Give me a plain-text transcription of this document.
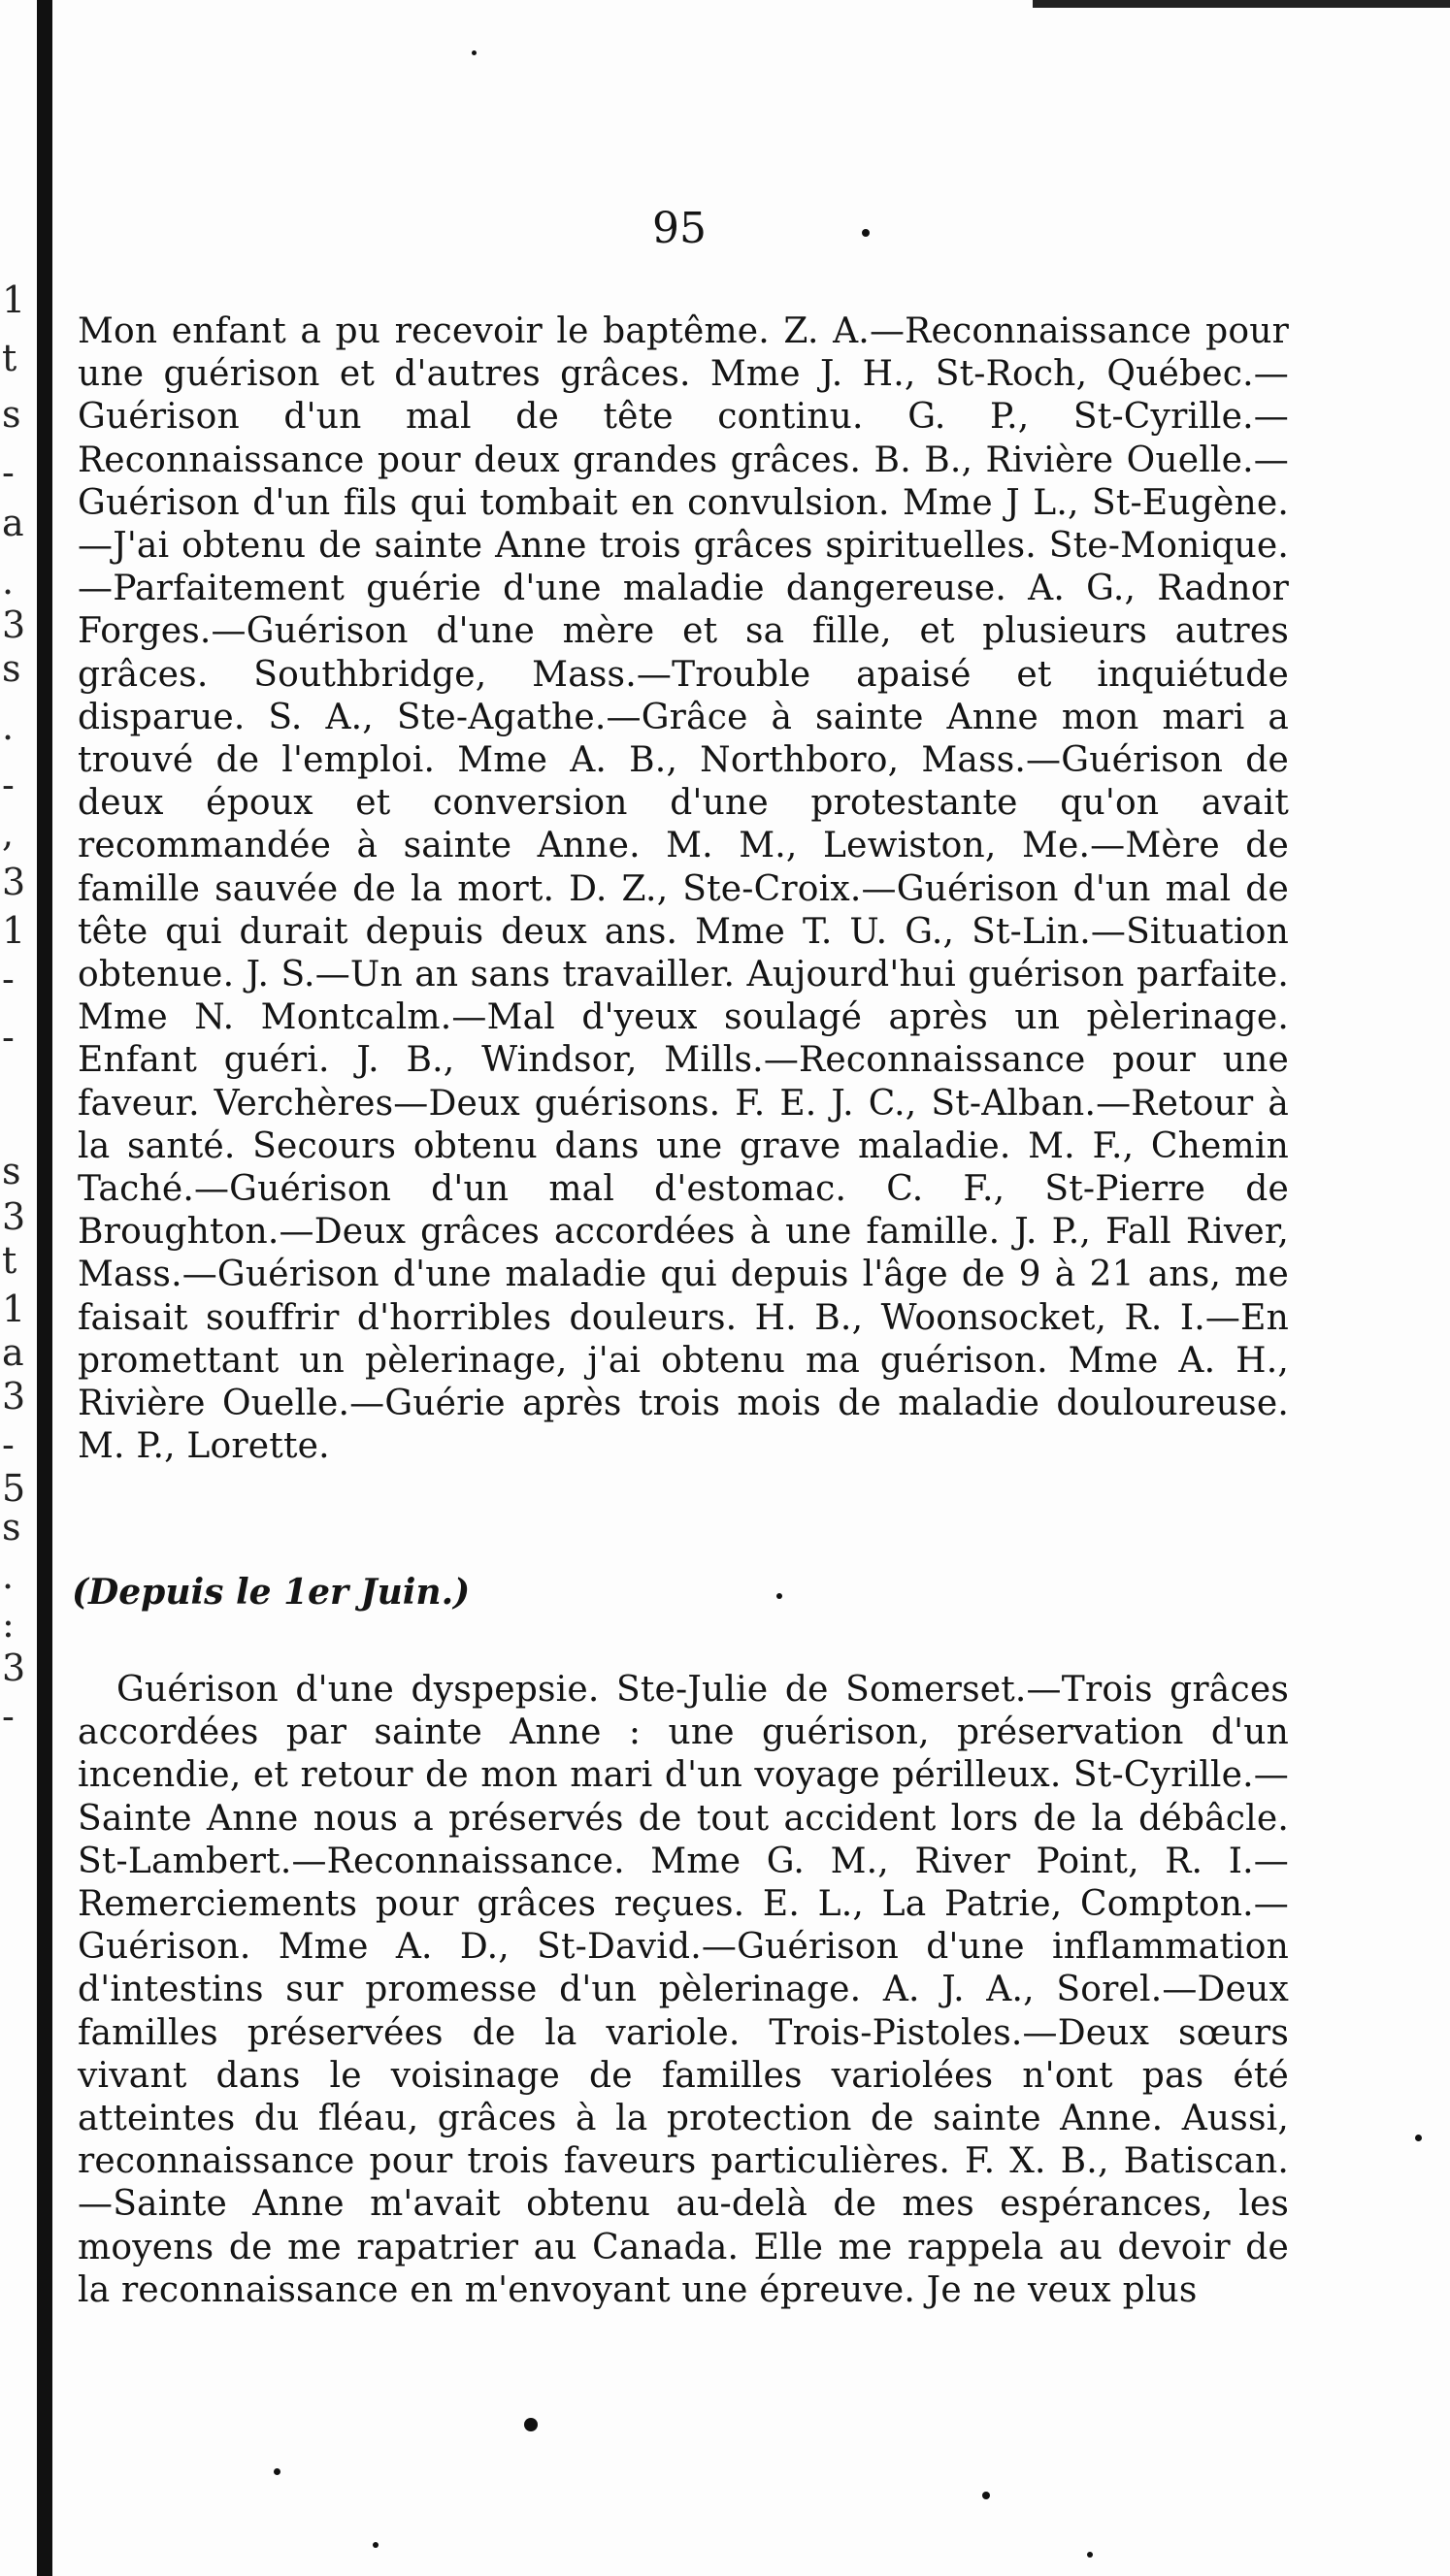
1
t
s
-
a
.
3
s
.
-
,
3
1
-
-
s
3
t
1
a
3
-
5
s
.
:
3
-
95

Mon enfant a pu recevoir le baptême. Z. A.—Reconnaissance pour une guérison et d'autres grâces. Mme J. H., St-Roch, Québec.—Guérison d'un mal de tête continu. G. P., St-Cyrille.—Reconnaissance pour deux grandes grâces. B. B., Rivière Ouelle.—Guérison d'un fils qui tombait en convulsion. Mme J L., St-Eugène.—J'ai obtenu de sainte Anne trois grâces spirituelles. Ste-Monique.—Parfaitement guérie d'une maladie dangereuse. A. G., Radnor Forges.—Guérison d'une mère et sa fille, et plusieurs autres grâces. Southbridge, Mass.—Trouble apaisé et inquiétude disparue. S. A., Ste-Agathe.—Grâce à sainte Anne mon mari a trouvé de l'emploi. Mme A. B., Northboro, Mass.—Guérison de deux époux et conversion d'une protestante qu'on avait recommandée à sainte Anne. M. M., Lewiston, Me.—Mère de famille sauvée de la mort. D. Z., Ste-Croix.—Guérison d'un mal de tête qui durait depuis deux ans. Mme T. U. G., St-Lin.—Situation obtenue. J. S.—Un an sans travailler. Aujourd'hui guérison parfaite. Mme N. Montcalm.—Mal d'yeux soulagé après un pèlerinage. Enfant guéri. J. B., Windsor, Mills.—Reconnaissance pour une faveur. Verchères—Deux guérisons. F. E. J. C., St-Alban.—Retour à la santé. Secours obtenu dans une grave maladie. M. F., Chemin Taché.—Guérison d'un mal d'estomac. C. F., St-Pierre de Broughton.—Deux grâces accordées à une famille. J. P., Fall River, Mass.—Guérison d'une maladie qui depuis l'âge de 9 à 21 ans, me faisait souffrir d'horribles douleurs. H. B., Woonsocket, R. I.—En promettant un pèlerinage, j'ai obtenu ma guérison. Mme A. H., Rivière Ouelle.—Guérie après trois mois de maladie douloureuse. M. P., Lorette.

(Depuis le 1er Juin.)

Guérison d'une dyspepsie. Ste-Julie de Somerset.—Trois grâces accordées par sainte Anne : une guérison, préservation d'un incendie, et retour de mon mari d'un voyage périlleux. St-Cyrille.—Sainte Anne nous a préservés de tout accident lors de la débâcle. St-Lambert.—Reconnaissance. Mme G. M., River Point, R. I.—Remerciements pour grâces reçues. E. L., La Patrie, Compton.—Guérison. Mme A. D., St-David.—Guérison d'une inflammation d'intestins sur promesse d'un pèlerinage. A. J. A., Sorel.—Deux familles préservées de la variole. Trois-Pistoles.—Deux sœurs vivant dans le voisinage de familles variolées n'ont pas été atteintes du fléau, grâces à la protection de sainte Anne. Aussi, reconnaissance pour trois faveurs particulières. F. X. B., Batiscan.—Sainte Anne m'avait obtenu au-delà de mes espérances, les moyens de me rapatrier au Canada. Elle me rappela au devoir de la reconnaissance en m'envoyant une épreuve. Je ne veux plus
